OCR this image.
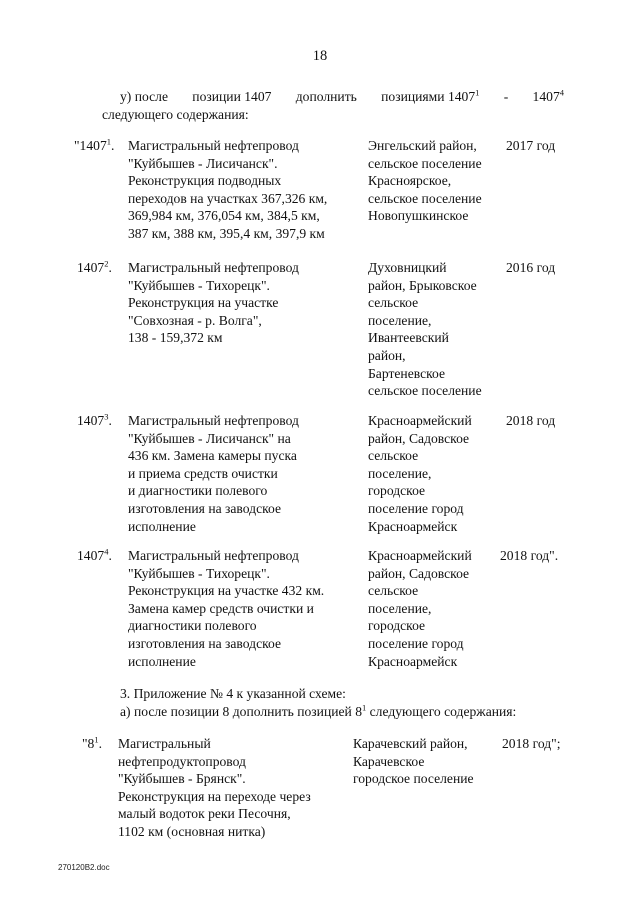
18
у) после позиции 1407 дополнить позициями 1407$^1$ - 1407$^4$
следующего содержания:
"1407$^1$. Магистральный нефтепровод
"Куйбышев - Лисичанск".
Реконструкция подводных
переходов на участках 367,326 км,
369,984 км, 376,054 км, 384,5 км,
387 км, 388 км, 395,4 км, 397,9 км
Энгельский район,
сельское поселение
Красноярское,
сельское поселение
Новопушкинское
2017 год
1407$^2$. Магистральный нефтепровод
"Куйбышев - Тихорецк".
Реконструкция на участке
"Совхозная - р. Волга",
138 - 159,372 км
Духовницкий
район, Брыковское
сельское
поселение,
Ивантеевский
район,
Бартеневское
сельское поселение
2016 год
1407$^3$. Магистральный нефтепровод
"Куйбышев - Лисичанск" на
436 км. Замена камеры пуска
и приема средств очистки
и диагностики полевого
изготовления на заводское
исполнение
Красноармейский
район, Садовское
сельское
поселение,
городское
поселение город
Красноармейск
2018 год
1407$^4$. Магистральный нефтепровод
"Куйбышев - Тихорецк".
Реконструкция на участке 432 км.
Замена камер средств очистки и
диагностики полевого
изготовления на заводское
исполнение
Красноармейский
район, Садовское
сельское
поселение,
городское
поселение город
Красноармейск
2018 год".
3. Приложение № 4 к указанной схеме:
а) после позиции 8 дополнить позицией $8^1$ следующего содержания:
"$8^1$. Магистральный
нефтепродуктопровод
"Куйбышев - Брянск".
Реконструкция на переходе через
малый водоток реки Песочня,
1102 км (основная нитка)
Карачевский район,
Карачевское
городское поселение
2018 год";
270120В2.doc
